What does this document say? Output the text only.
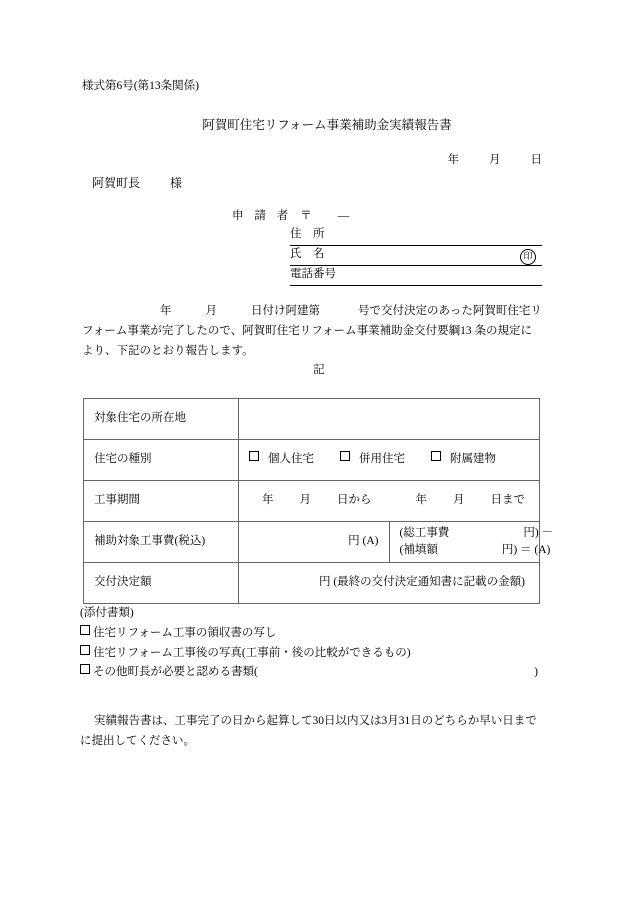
様式第6号(第13条関係)
阿賀町住宅リフォーム事業補助金実績報告書
年	月	日
阿賀町長	様
申 請 者 〒 —
住　所
氏　名	印
電話番号
年	月	日付け阿建第	号で交付決定のあった阿賀町住宅リ
フォーム事業が完了したので、阿賀町住宅リフォーム事業補助金交付要綱13 条の規定に
より、下記のとおり報告します。
記
対象住宅の所在地		
住宅の種別	個人住宅 併用住宅 附属建物	
工事期間	年 月 日から 年 月 日まで	
補助対象工事費(税込)	円 (A)	(総工事費 円) －
(補填額 円) ＝ (A)

交付決定額	円 (最終の交付決定通知書に記載の金額)	
(添付書類)
住宅リフォーム工事の領収書の写し
住宅リフォーム工事後の写真(工事前・後の比較ができるもの)
その他町長が必要と認める書類(	)
実績報告書は、工事完了の日から起算して30日以内又は3月31日のどちらか早い日まで
に提出してください。
